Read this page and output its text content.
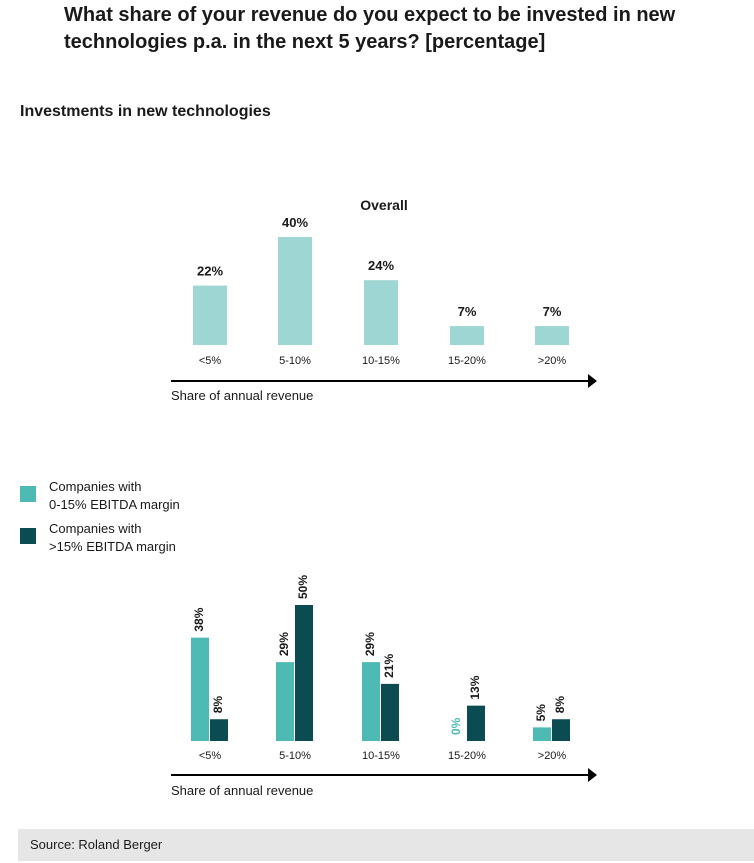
What share of your revenue do you expect to be invested in new technologies p.a. in the next 5 years? [percentage]
Investments in new technologies
Overall
22%
<5%
40%
5-10%
24%
10-15%
7%
15-20%
7%
>20%
Share of annual revenue
<5%	5-10%	10-15%	15-20%	>20%
38%
29%	29%
0%
5%
8%
50%
21%
13%
8%
Share of annual revenue
Companies with
0-15% EBITDA margin
Companies with
>15% EBITDA margin
Source: Roland Berger
